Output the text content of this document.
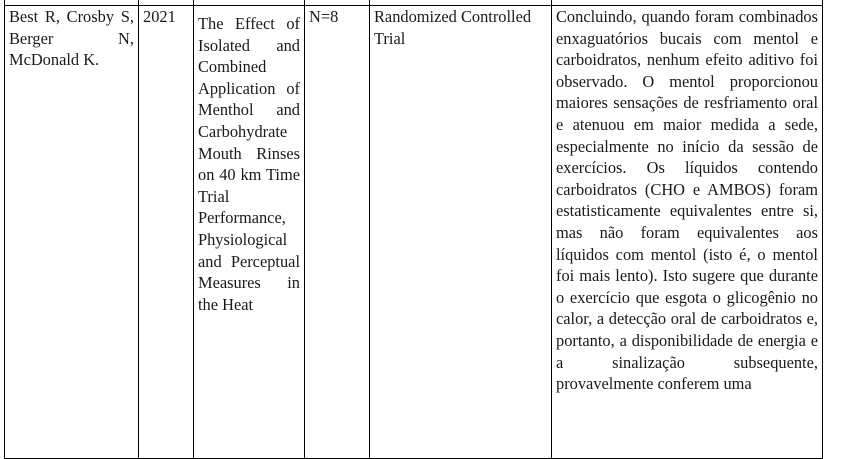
Best R, Crosby S, Berger N, McDonald K.	2021	The Effect of Isolated and Combined Application of Menthol and Carbohydrate Mouth Rinses on 40 km Time Trial Performance, Physiological and Perceptual Measures in the Heat	N=8	Randomized Controlled Trial	Concluindo, quando foram combinados enxaguatórios bucais com mentol e carboidratos, nenhum efeito aditivo foi observado. O mentol proporcionou maiores sensações de resfriamento oral e atenuou em maior medida a sede, especialmente no início da sessão de exercícios. Os líquidos contendo carboidratos (CHO e AMBOS) foram estatisticamente equivalentes entre si, mas não foram equivalentes aos líquidos com mentol (isto é, o mentol foi mais lento). Isto sugere que durante o exercício que esgota o glicogênio no calor, a detecção oral de carboidratos e, portanto, a disponibilidade de energia e a sinalização subsequente, provavelmente conferem uma
